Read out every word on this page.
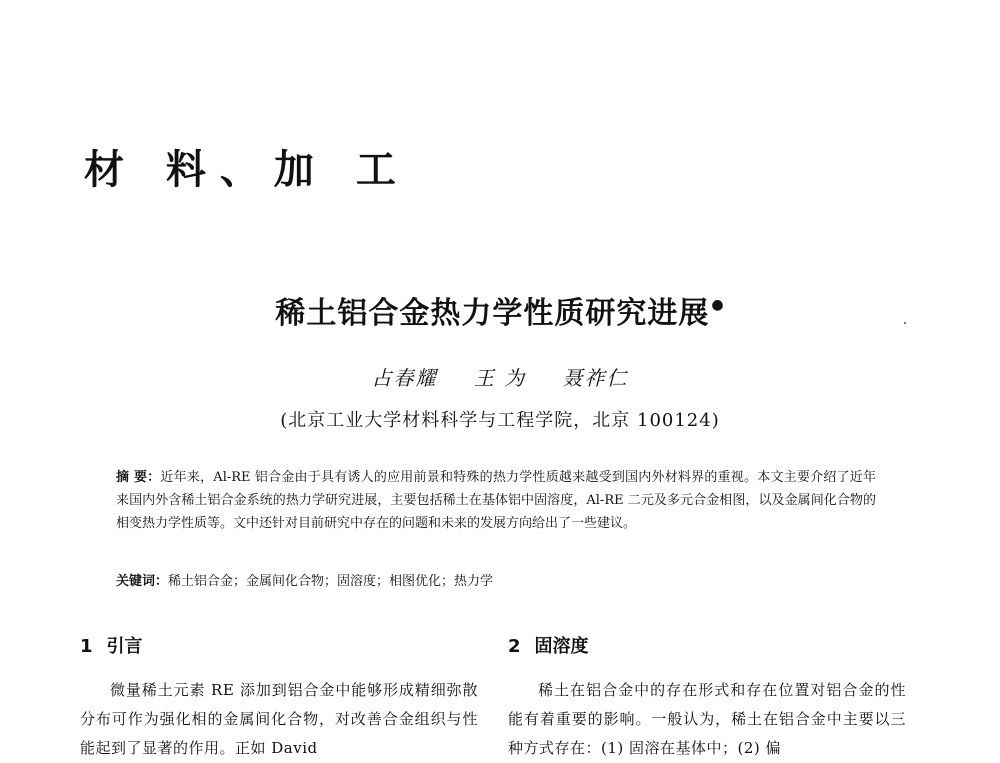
材 料、加 工
稀土铝合金热力学性质研究进展 ●
占春耀 王 为 聂祚仁
(北京工业大学材料科学与工程学院，北京 100124)
摘 要：近年来，Al-RE 铝合金由于具有诱人的应用前景和特殊的热力学性质越来越受到国内外材料界的重视。本文主要介绍了近年来国内外含稀土铝合金系统的热力学研究进展，主要包括稀土在基体铝中固溶度，Al-RE 二元及多元合金相图，以及金属间化合物的相变热力学性质等。文中还针对目前研究中存在的问题和未来的发展方向给出了一些建议。
关键词：稀土铝合金；金属间化合物；固溶度；相图优化；热力学
1 引言
微量稀土元素 RE 添加到铝合金中能够形成精细弥散分布可作为强化相的金属间化合物，对改善合金组织与性能起到了显著的作用。正如 David
2 固溶度
稀土在铝合金中的存在形式和存在位置对铝合金的性能有着重要的影响。一般认为，稀土在铝合金中主要以三种方式存在：(1) 固溶在基体中；(2) 偏
